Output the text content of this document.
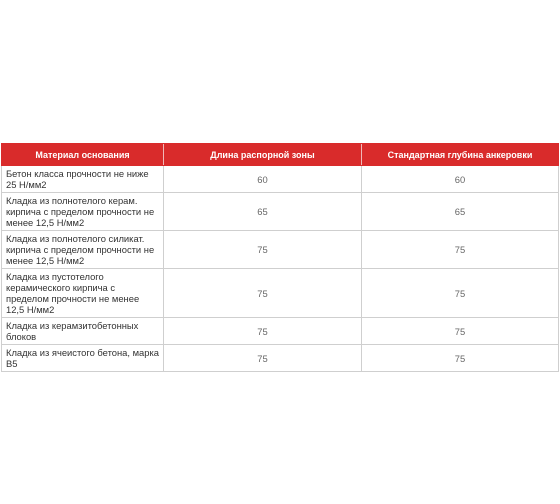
Материал основания	Длина распорной зоны	Стандартная глубина анкеровки
Бетон класса прочности не ниже 25 Н/мм2	60	60
Кладка из полнотелого керам. кирпича с пределом прочности не менее 12,5 Н/мм2	65	65
Кладка из полнотелого силикат. кирпича с пределом прочности не менее 12,5 Н/мм2	75	75
Кладка из пустотелого керамического кирпича с пределом прочности не менее 12,5 Н/мм2	75	75
Кладка из керамзитобетонных блоков	75	75
Кладка из ячеистого бетона, марка В5	75	75
